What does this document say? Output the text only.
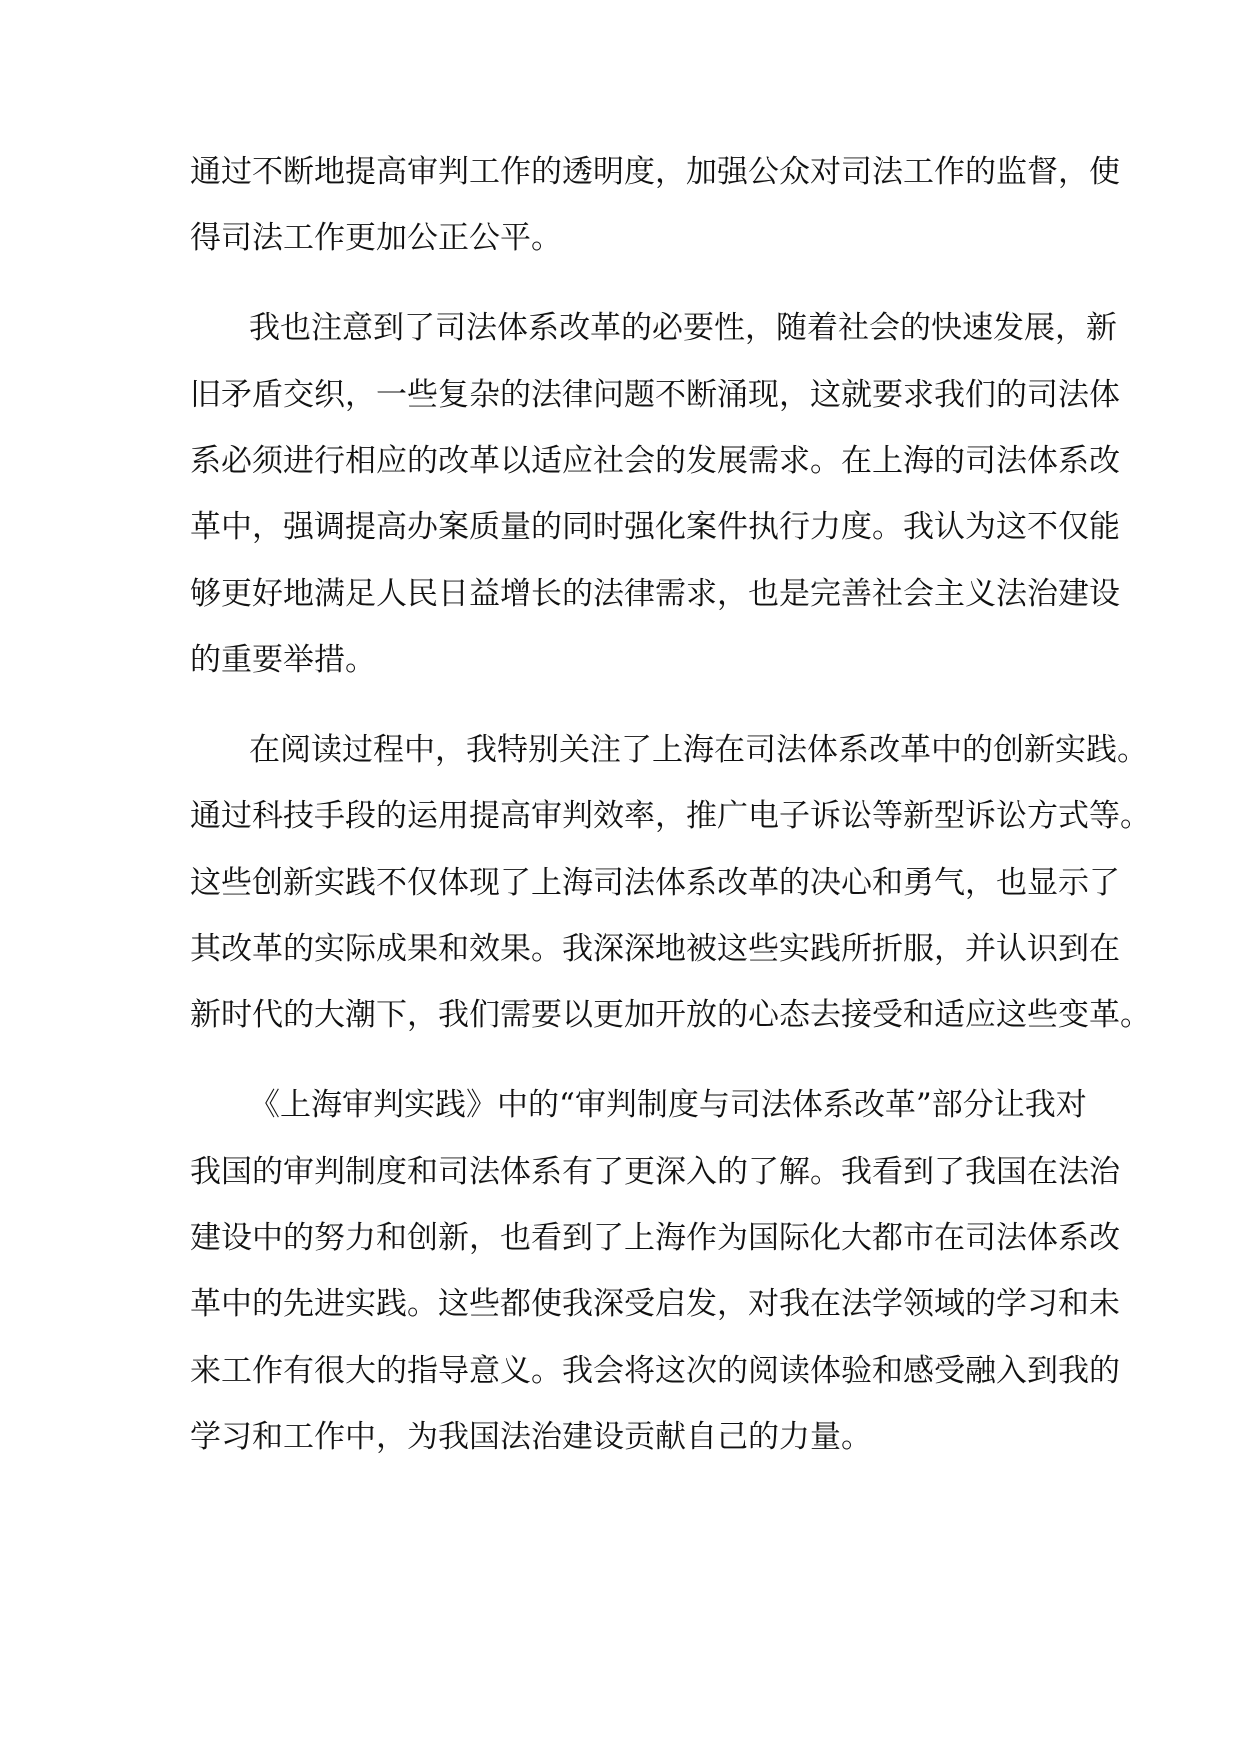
通过不断地提高审判工作的透明度，加强公众对司法工作的监督，使
得司法工作更加公正公平。
我也注意到了司法体系改革的必要性，随着社会的快速发展，新
旧矛盾交织，一些复杂的法律问题不断涌现，这就要求我们的司法体
系必须进行相应的改革以适应社会的发展需求。在上海的司法体系改
革中，强调提高办案质量的同时强化案件执行力度。我认为这不仅能
够更好地满足人民日益增长的法律需求，也是完善社会主义法治建设
的重要举措。
在阅读过程中，我特别关注了上海在司法体系改革中的创新实践。
通过科技手段的运用提高审判效率，推广电子诉讼等新型诉讼方式等。
这些创新实践不仅体现了上海司法体系改革的决心和勇气，也显示了
其改革的实际成果和效果。我深深地被这些实践所折服，并认识到在
新时代的大潮下，我们需要以更加开放的心态去接受和适应这些变革。
《上海审判实践》中的“审判制度与司法体系改革”部分让我对
我国的审判制度和司法体系有了更深入的了解。我看到了我国在法治
建设中的努力和创新，也看到了上海作为国际化大都市在司法体系改
革中的先进实践。这些都使我深受启发，对我在法学领域的学习和未
来工作有很大的指导意义。我会将这次的阅读体验和感受融入到我的
学习和工作中，为我国法治建设贡献自己的力量。
